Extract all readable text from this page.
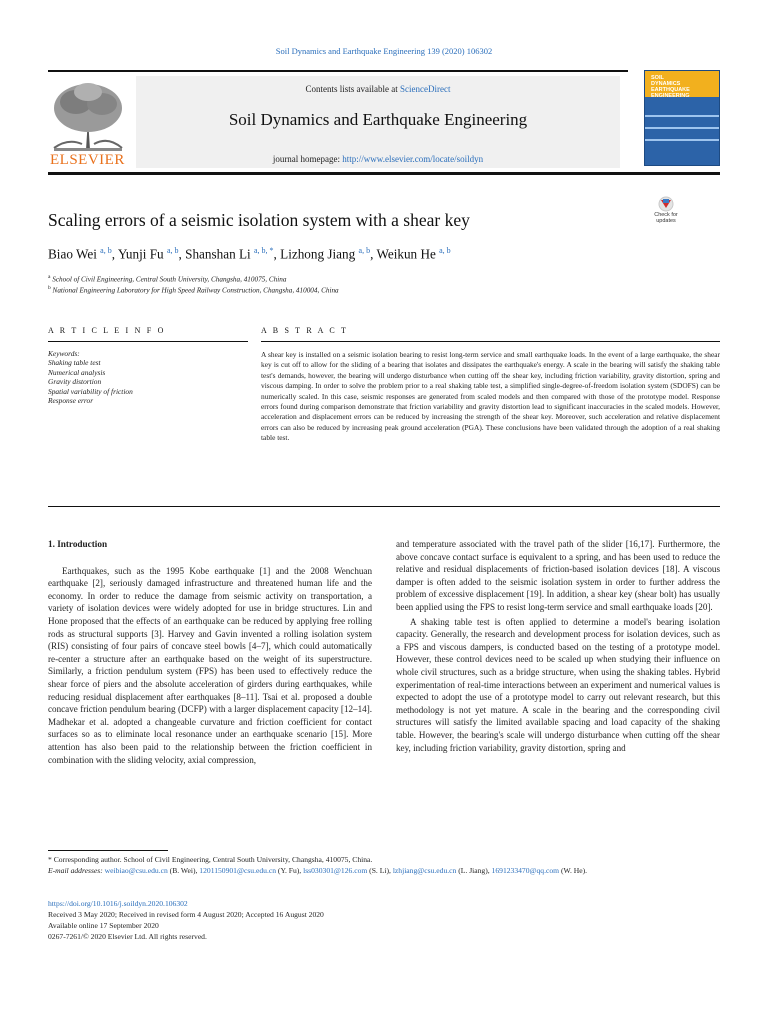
Soil Dynamics and Earthquake Engineering 139 (2020) 106302
ELSEVIER
Contents lists available at ScienceDirect
Soil Dynamics and Earthquake Engineering
journal homepage: http://www.elsevier.com/locate/soildyn
SOIL
DYNAMICS
EARTHQUAKE
ENGINEERING
Scaling errors of a seismic isolation system with a shear key	Check for
updates
Biao Wei $^{a, b}$, Yunji Fu $^{a, b}$, Shanshan Li $^{a, b, *}$, Lizhong Jiang $^{a, b}$, Weikun He $^{a, b}$
$^a$ School of Civil Engineering, Central South University, Changsha, 410075, China
$^b$ National Engineering Laboratory for High Speed Railway Construction, Changsha, 410004, China
A R T I C L E I N F O	A B S T R A C T
Keywords:
Shaking table test
Numerical analysis
Gravity distortion
Spatial variability of friction
Response error
A shear key is installed on a seismic isolation bearing to resist long-term service and small earthquake loads. In the event of a large earthquake, the shear key is cut off to allow for the sliding of a bearing that isolates and dissipates the earthquake's energy. A scale in the bearing will satisfy the shaking table test's demands, however, the bearing will undergo disturbance when cutting off the shear key, including friction variability, gravity distortion, spring and viscous damping. In order to solve the problem prior to a real shaking table test, a simplified single-degree-of-freedom isolation system (SDOFS) can be numerically scaled. In this case, seismic responses are generated from scaled models and then compared with those of the prototype model. Response errors found during comparison demonstrate that friction variability and gravity distortion lead to significant inaccuracies in the scaled models. However, acceleration and displacement errors can be reduced by increasing the strength of the shear key. Moreover, such acceleration and relative displacement errors can also be reduced by increasing peak ground acceleration (PGA). These conclusions have been validated through the adoption of a real shaking table test.

1. Introduction

Earthquakes, such as the 1995 Kobe earthquake [1] and the 2008 Wenchuan earthquake [2], seriously damaged infrastructure and threatened human life and the economy. In order to reduce the damage from seismic activity on transportation, a variety of isolation devices were widely adopted for use in bridge structures. Lin and Hone proposed that the effects of an earthquake can be reduced by applying free rolling rods as structural supports [3]. Harvey and Gavin invented a rolling isolation system (RIS) consisting of four pairs of concave steel bowls [4–7], which could automatically re-center a structure after an earthquake based on the weight of its superstructure. Similarly, a friction pendulum system (FPS) has been used to effectively reduce the shear force of piers and the absolute acceleration of girders during earthquakes, while reducing residual displacement after earthquakes [8–11]. Tsai et al. proposed a double concave friction pendulum bearing (DCFP) with a larger displacement capacity [12–14]. Madhekar et al. adopted a changeable curvature and friction coefficient for contact surfaces so as to eliminate local resonance under an earthquake scenario [15]. More attention has also been paid to the relationship between the friction coefficient in combination with the sliding velocity, axial compression,

and temperature associated with the travel path of the slider [16,17]. Furthermore, the above concave contact surface is equivalent to a spring, and has been used to reduce the relative and residual displacements of friction-based isolation devices [18]. A viscous damper is often added to the seismic isolation system in order to further address the problem of excessive displacement [19]. In addition, a shear key (shear bolt) has usually been applied using the FPS to resist long-term service and small earthquake loads [20].

A shaking table test is often applied to determine a model's bearing isolation capacity. Generally, the research and development process for isolation devices, such as a FPS and viscous dampers, is conducted based on the testing of a prototype model. However, these control devices need to be scaled up when studying their influence on whole civil structures, such as a bridge structure, when using the shaking tables. Hybrid experimentation of real-time interactions between an experiment and numerical values is expected to adopt the use of a prototype model to carry out relevant research, but this methodology is not yet mature. A scale in the bearing and the corresponding civil structures will satisfy the limited available spacing and load capacity of the shaking table. However, the bearing's scale will undergo disturbance when cutting off the shear key, including friction variability, gravity distortion, spring and

* Corresponding author. School of Civil Engineering, Central South University, Changsha, 410075, China.
E-mail addresses: weibiao@csu.edu.cn (B. Wei), 1201150901@csu.edu.cn (Y. Fu), lss030301@126.com (S. Li), lzhjiang@csu.edu.cn (L. Jiang), 1691233470@qq.com (W. He).
https://doi.org/10.1016/j.soildyn.2020.106302
Received 3 May 2020; Received in revised form 4 August 2020; Accepted 16 August 2020
Available online 17 September 2020
0267-7261/© 2020 Elsevier Ltd. All rights reserved.
